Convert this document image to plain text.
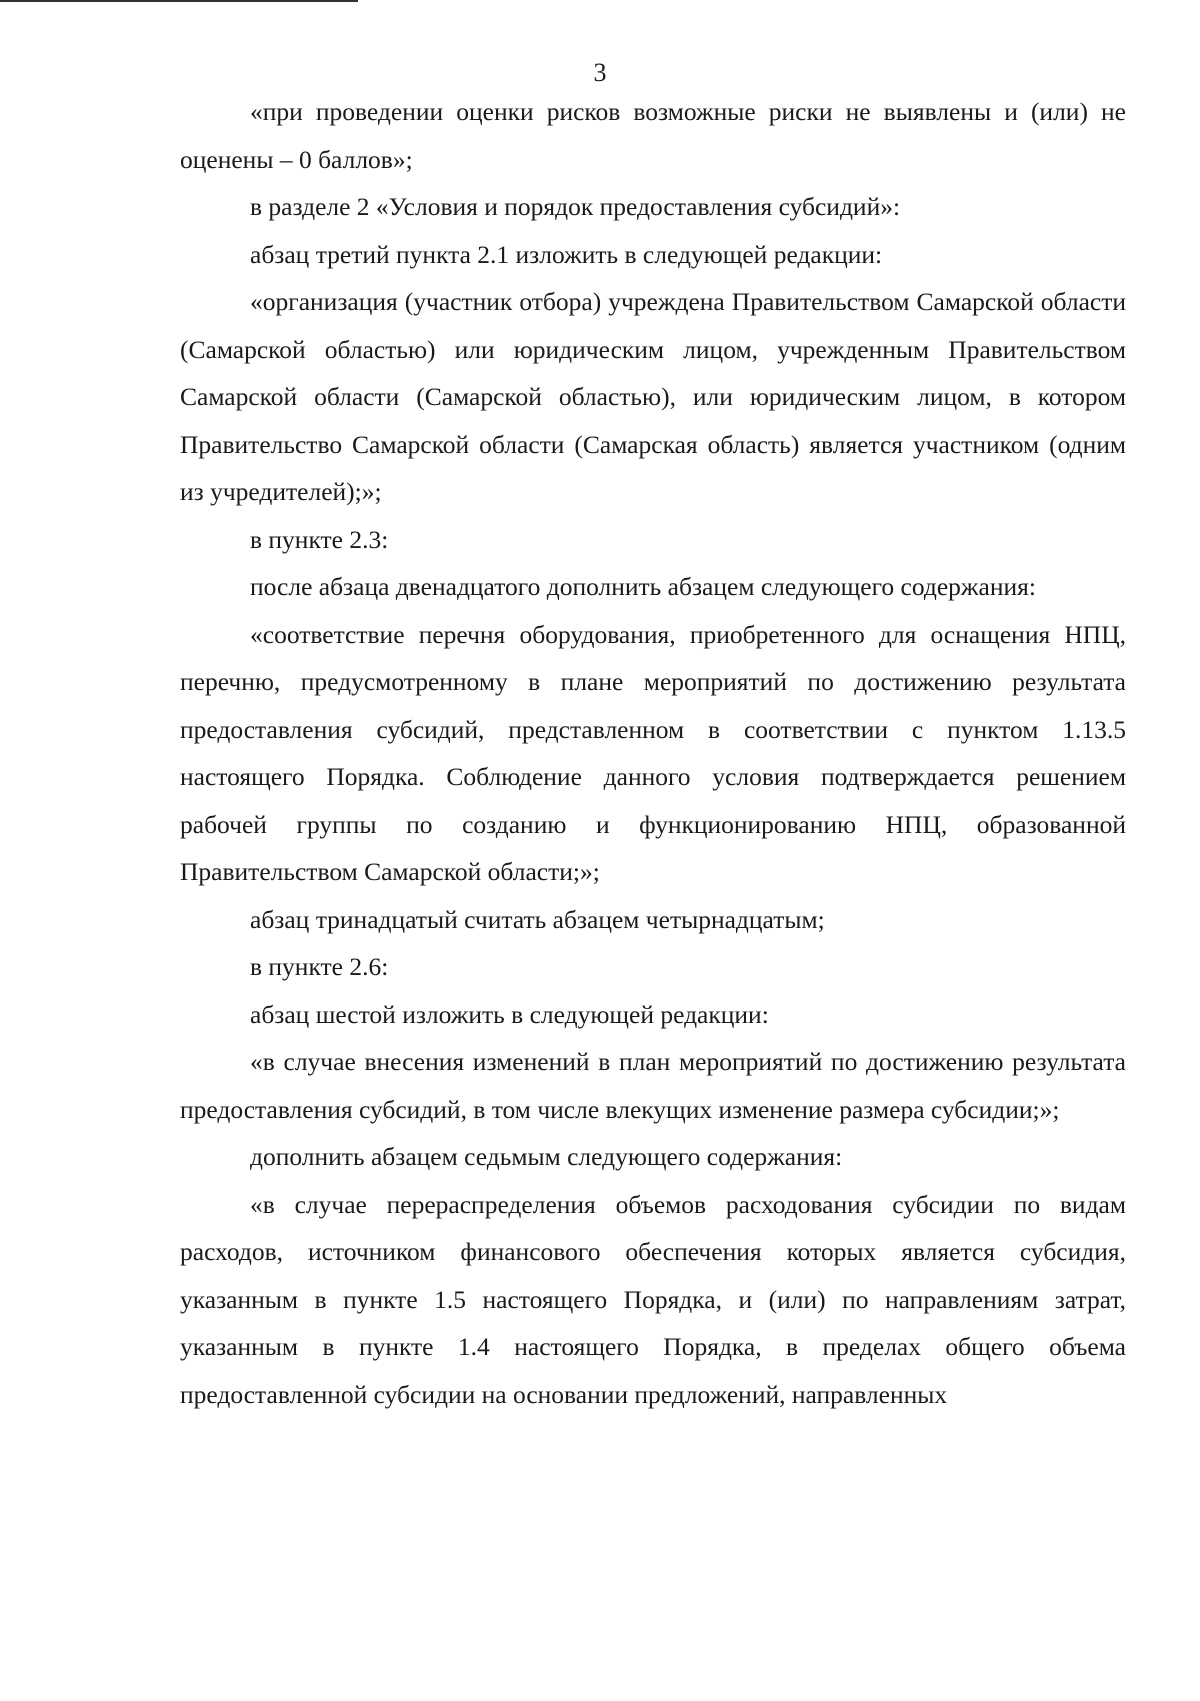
3

«при проведении оценки рисков возможные риски не выявлены и (или) не оценены – 0 баллов»;

в разделе 2 «Условия и порядок предоставления субсидий»:

абзац третий пункта 2.1 изложить в следующей редакции:

«организация (участник отбора) учреждена Правительством Самарской области (Самарской областью) или юридическим лицом, учрежденным Правительством Самарской области (Самарской областью), или юридическим лицом, в котором Правительство Самарской области (Самарская область) является участником (одним из учредителей);»;

в пункте 2.3:

после абзаца двенадцатого дополнить абзацем следующего содержания:

«соответствие перечня оборудования, приобретенного для оснащения НПЦ, перечню, предусмотренному в плане мероприятий по достижению результата предоставления субсидий, представленном в соответствии с пунктом 1.13.5 настоящего Порядка. Соблюдение данного условия подтверждается решением рабочей группы по созданию и функционированию НПЦ, образованной Правительством Самарской области;»;

абзац тринадцатый считать абзацем четырнадцатым;

в пункте 2.6:

абзац шестой изложить в следующей редакции:

«в случае внесения изменений в план мероприятий по достижению результата предоставления субсидий, в том числе влекущих изменение размера субсидии;»;

дополнить абзацем седьмым следующего содержания:

«в случае перераспределения объемов расходования субсидии по видам расходов, источником финансового обеспечения которых является субсидия, указанным в пункте 1.5 настоящего Порядка, и (или) по направлениям затрат, указанным в пункте 1.4 настоящего Порядка, в пределах общего объема предоставленной субсидии на основании предложений, направленных
